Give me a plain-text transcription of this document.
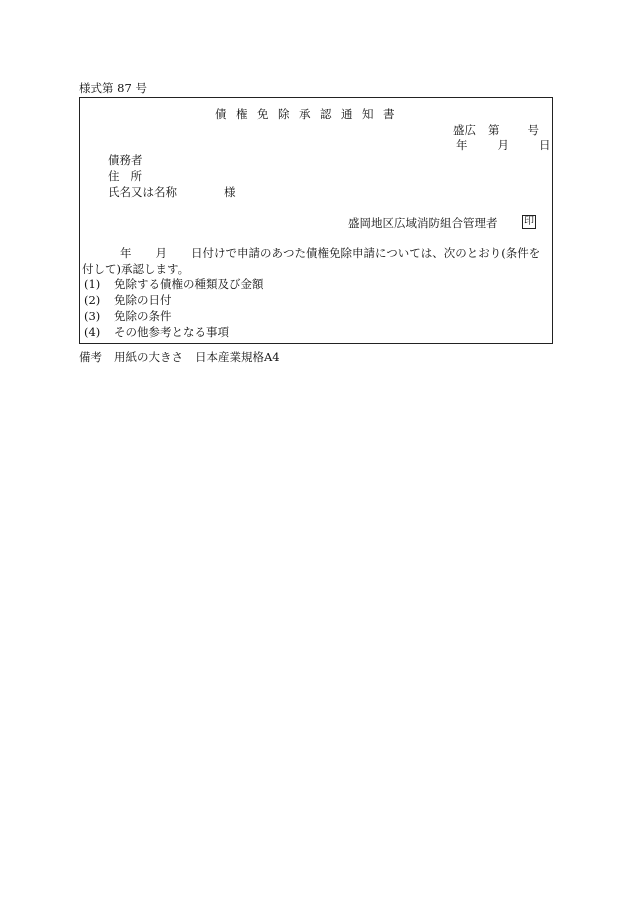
様式第 87 号
債権免除承認通知書
盛広 第 号
年	月	日
債務者
住所
氏名又は名称	様
盛岡地区広域消防組合管理者	印
年 月 日付けで申請のあつた債権免除申請については、次のとおり(条件を
付して)承認します。
(1) 免除する債権の種類及び金額
(2) 免除の日付
(3) 免除の条件
(4) その他参考となる事項
備考 用紙の大きさ 日本産業規格A4
